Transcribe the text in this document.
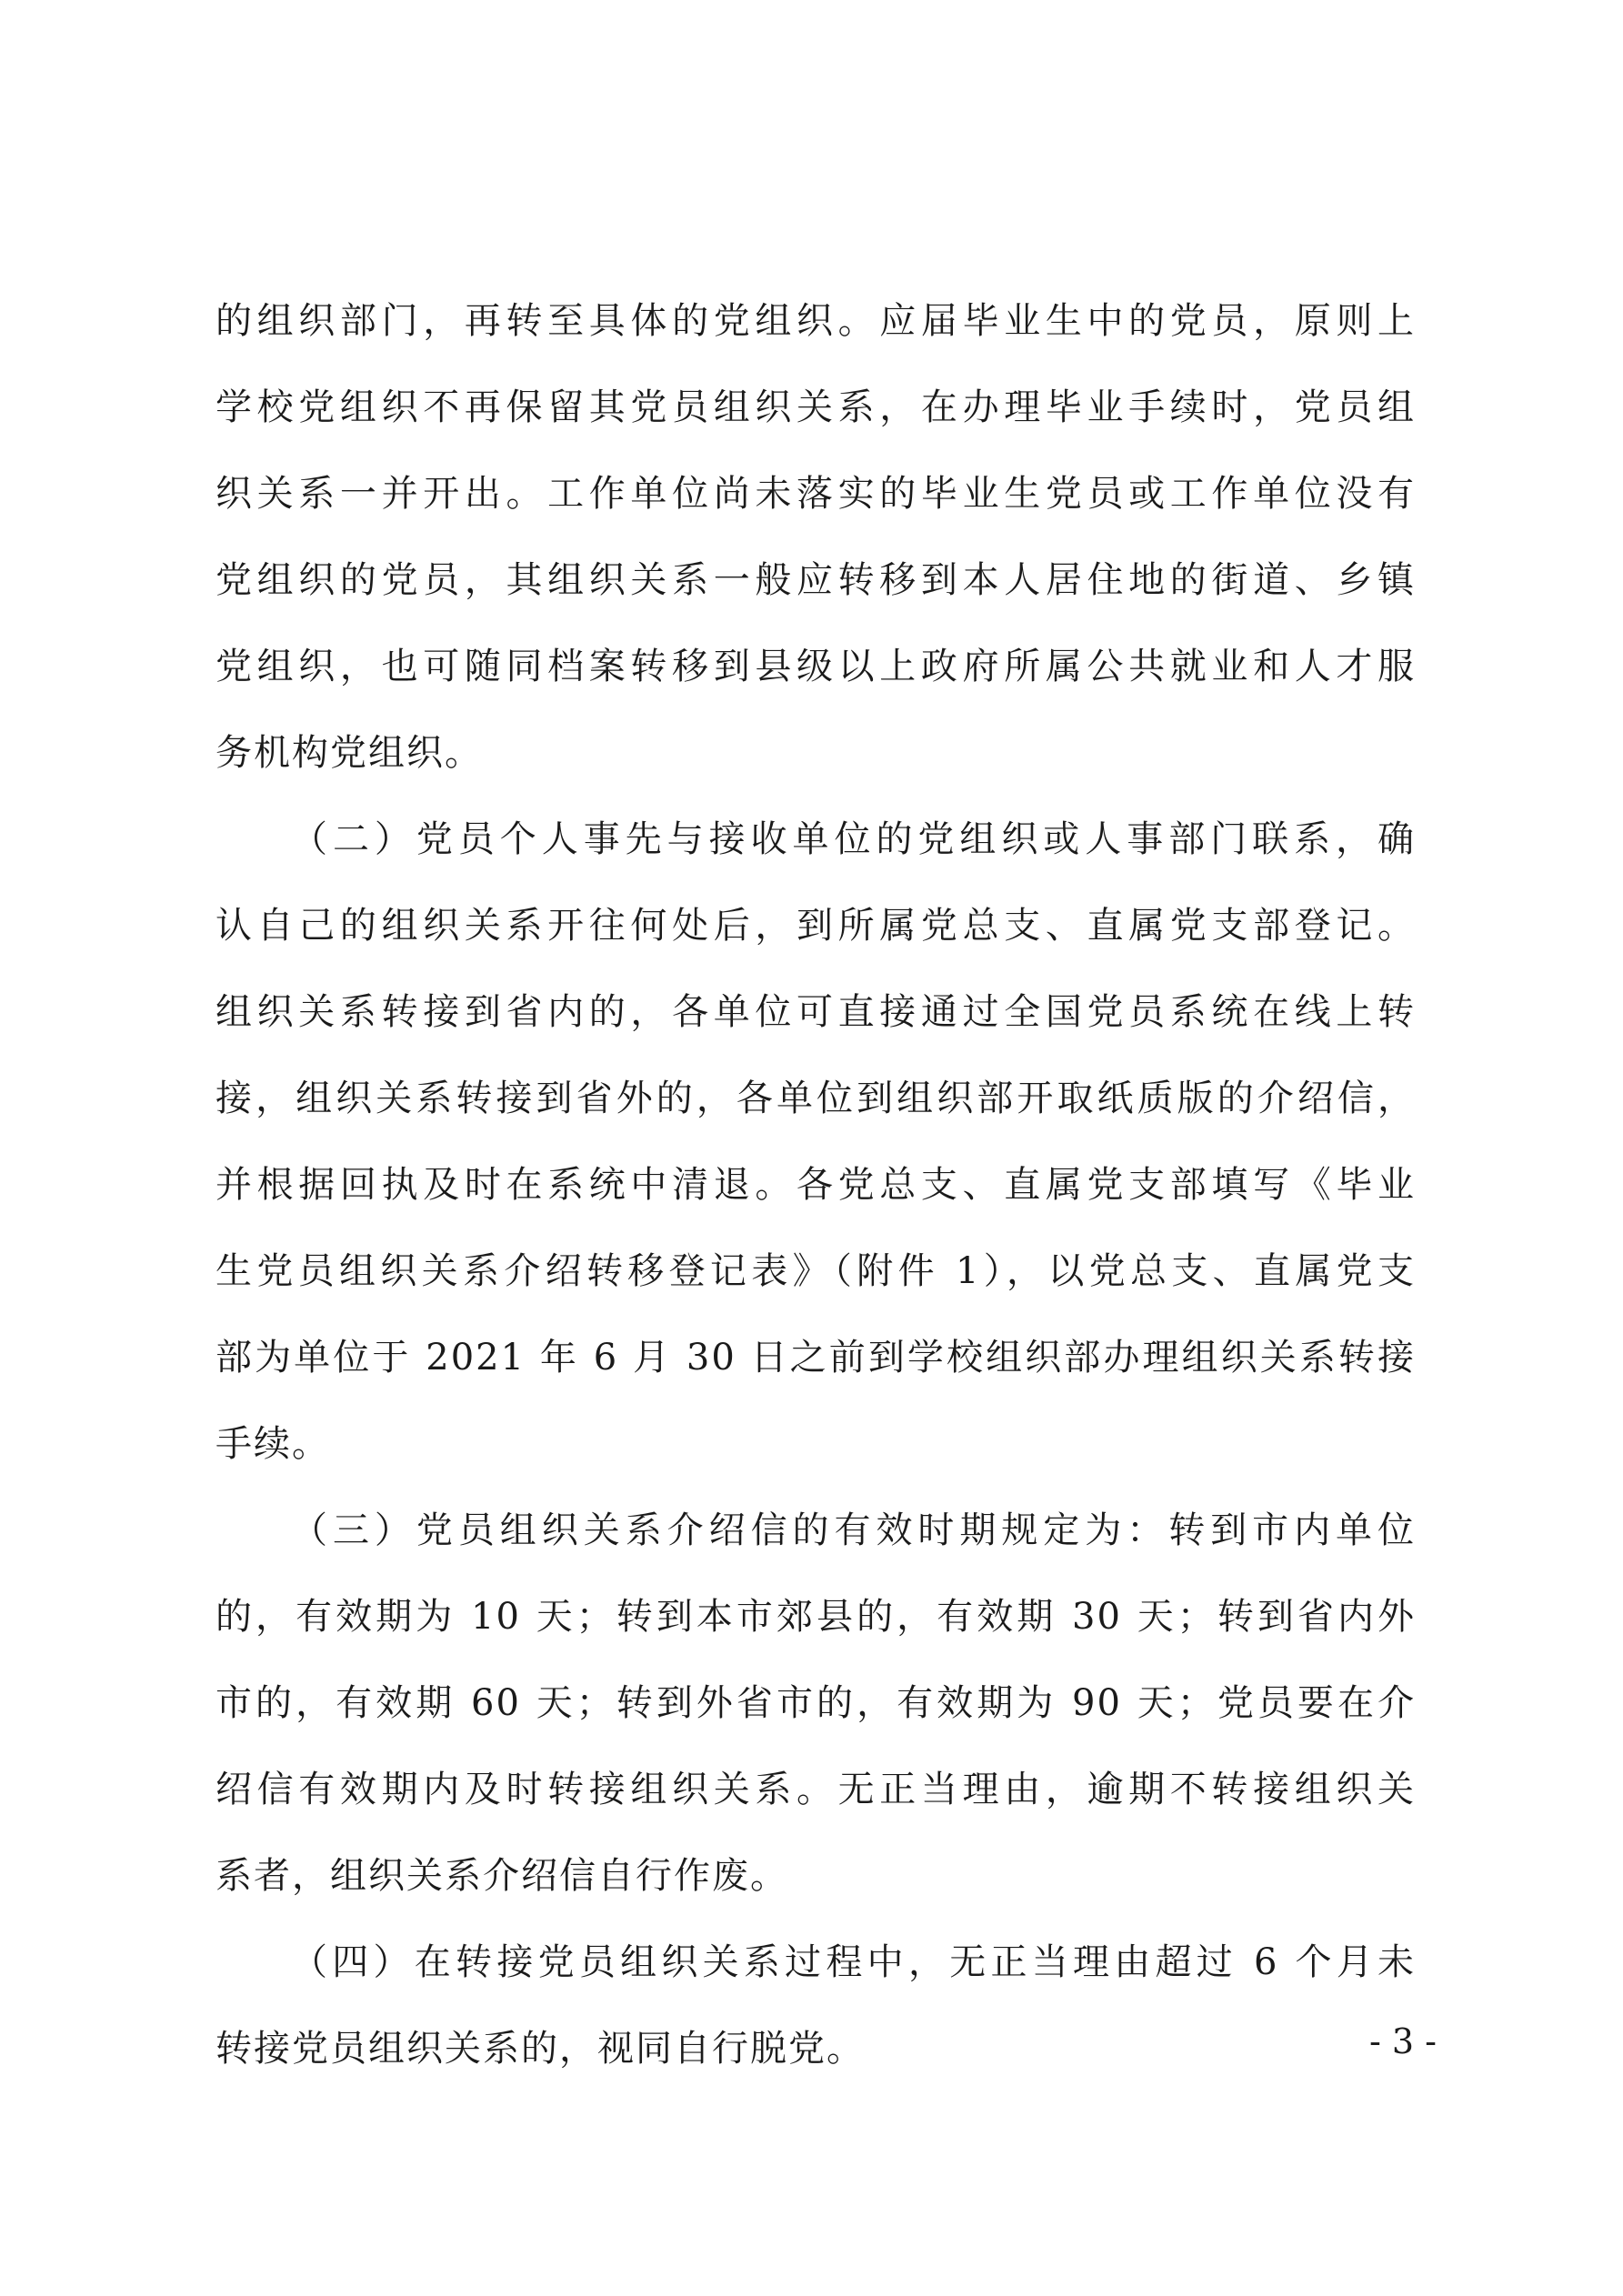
的组织部门，再转至具体的党组织。应届毕业生中的党员，原则上
学校党组织不再保留其党员组织关系，在办理毕业手续时，党员组
织关系一并开出。工作单位尚未落实的毕业生党员或工作单位没有
党组织的党员，其组织关系一般应转移到本人居住地的街道、乡镇
党组织，也可随同档案转移到县级以上政府所属公共就业和人才服
务机构党组织。
（二）党员个人事先与接收单位的党组织或人事部门联系，确
认自己的组织关系开往何处后，到所属党总支、直属党支部登记。
组织关系转接到省内的，各单位可直接通过全国党员系统在线上转
接，组织关系转接到省外的，各单位到组织部开取纸质版的介绍信，
并根据回执及时在系统中清退。各党总支、直属党支部填写《毕业
生党员组织关系介绍转移登记表》（附件 1），以党总支、直属党支
部为单位于 2021 年 6 月 30 日之前到学校组织部办理组织关系转接
手续。
（三）党员组织关系介绍信的有效时期规定为：转到市内单位
的，有效期为 10 天；转到本市郊县的，有效期 30 天；转到省内外
市的，有效期 60 天；转到外省市的，有效期为 90 天；党员要在介
绍信有效期内及时转接组织关系。无正当理由，逾期不转接组织关
系者，组织关系介绍信自行作废。
（四）在转接党员组织关系过程中，无正当理由超过 6 个月未
转接党员组织关系的，视同自行脱党。	- 3 -
